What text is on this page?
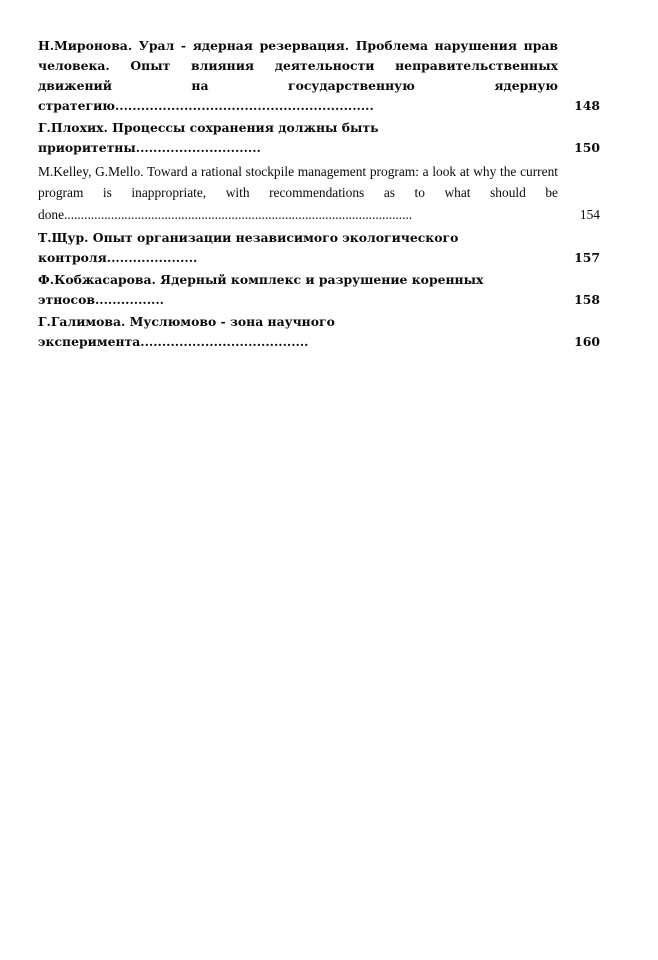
Н.Миронова. Урал - ядерная резервация. Проблема нарушения прав человека. Опыт влияния деятельности неправительственных движений на государственную ядерную стратегию............................................................	148
Г.Плохих. Процессы сохранения должны быть приоритетны.............................	150
M.Kelley, G.Mello. Toward a rational stockpile management program: a look at why the current program is inappropriate, with recommendations as to what should be done........................................................................................................	154
Т.Щур. Опыт организации независимого экологического контроля.....................	157
Ф.Кобжасарова. Ядерный комплекс и разрушение коренных этносов................	158
Г.Галимова. Муслюмово - зона научного эксперимента.......................................	160
